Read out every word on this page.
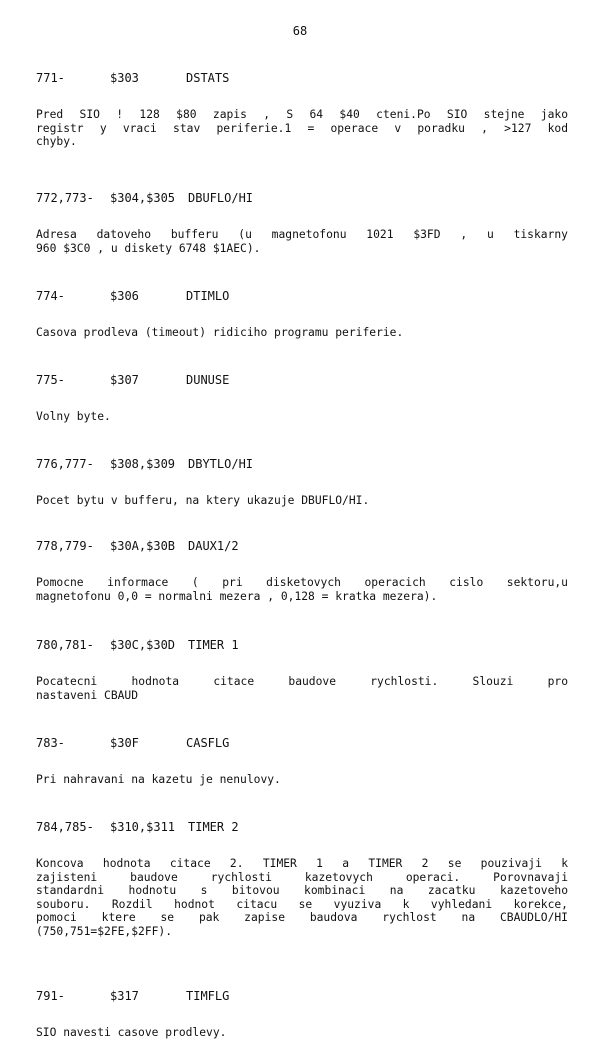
68
771-	$303	DSTATS
Pred SIO ! 128 $80 zapis , S 64 $40 cteni.Po SIO stejne jako
registr y vraci stav periferie.1 = operace v poradku , >127 kod
chyby.
772,773- $304,$305 DBUFLO/HI
Adresa datoveho bufferu (u magnetofonu 1021 $3FD , u tiskarny
960 $3C0 , u diskety 6748 $1AEC).
774-	$306	DTIMLO
Casova prodleva (timeout) ridiciho programu periferie.
775-	$307	DUNUSE
Volny byte.
776,777- $308,$309 DBYTLO/HI
Pocet bytu v bufferu, na ktery ukazuje DBUFLO/HI.
778,779- $30A,$30B DAUX1/2
Pomocne informace ( pri disketovych operacich cislo sektoru,u
magnetofonu 0,0 = normalni mezera , 0,128 = kratka mezera).
780,781- $30C,$30D TIMER 1
Pocatecni hodnota citace baudove rychlosti. Slouzi pro
nastaveni CBAUD
783-	$30F	CASFLG
Pri nahravani na kazetu je nenulovy.
784,785- $310,$311 TIMER 2
Koncova hodnota citace 2. TIMER 1 a TIMER 2 se pouzivaji k
zajisteni baudove rychlosti kazetovych operaci. Porovnavaji
standardni hodnotu s bitovou kombinaci na zacatku kazetoveho
souboru. Rozdil hodnot citacu se vyuziva k vyhledani korekce,
pomoci ktere se pak zapise baudova rychlost na CBAUDLO/HI
(750,751=$2FE,$2FF).
791-	$317	TIMFLG
SIO navesti casove prodlevy.
